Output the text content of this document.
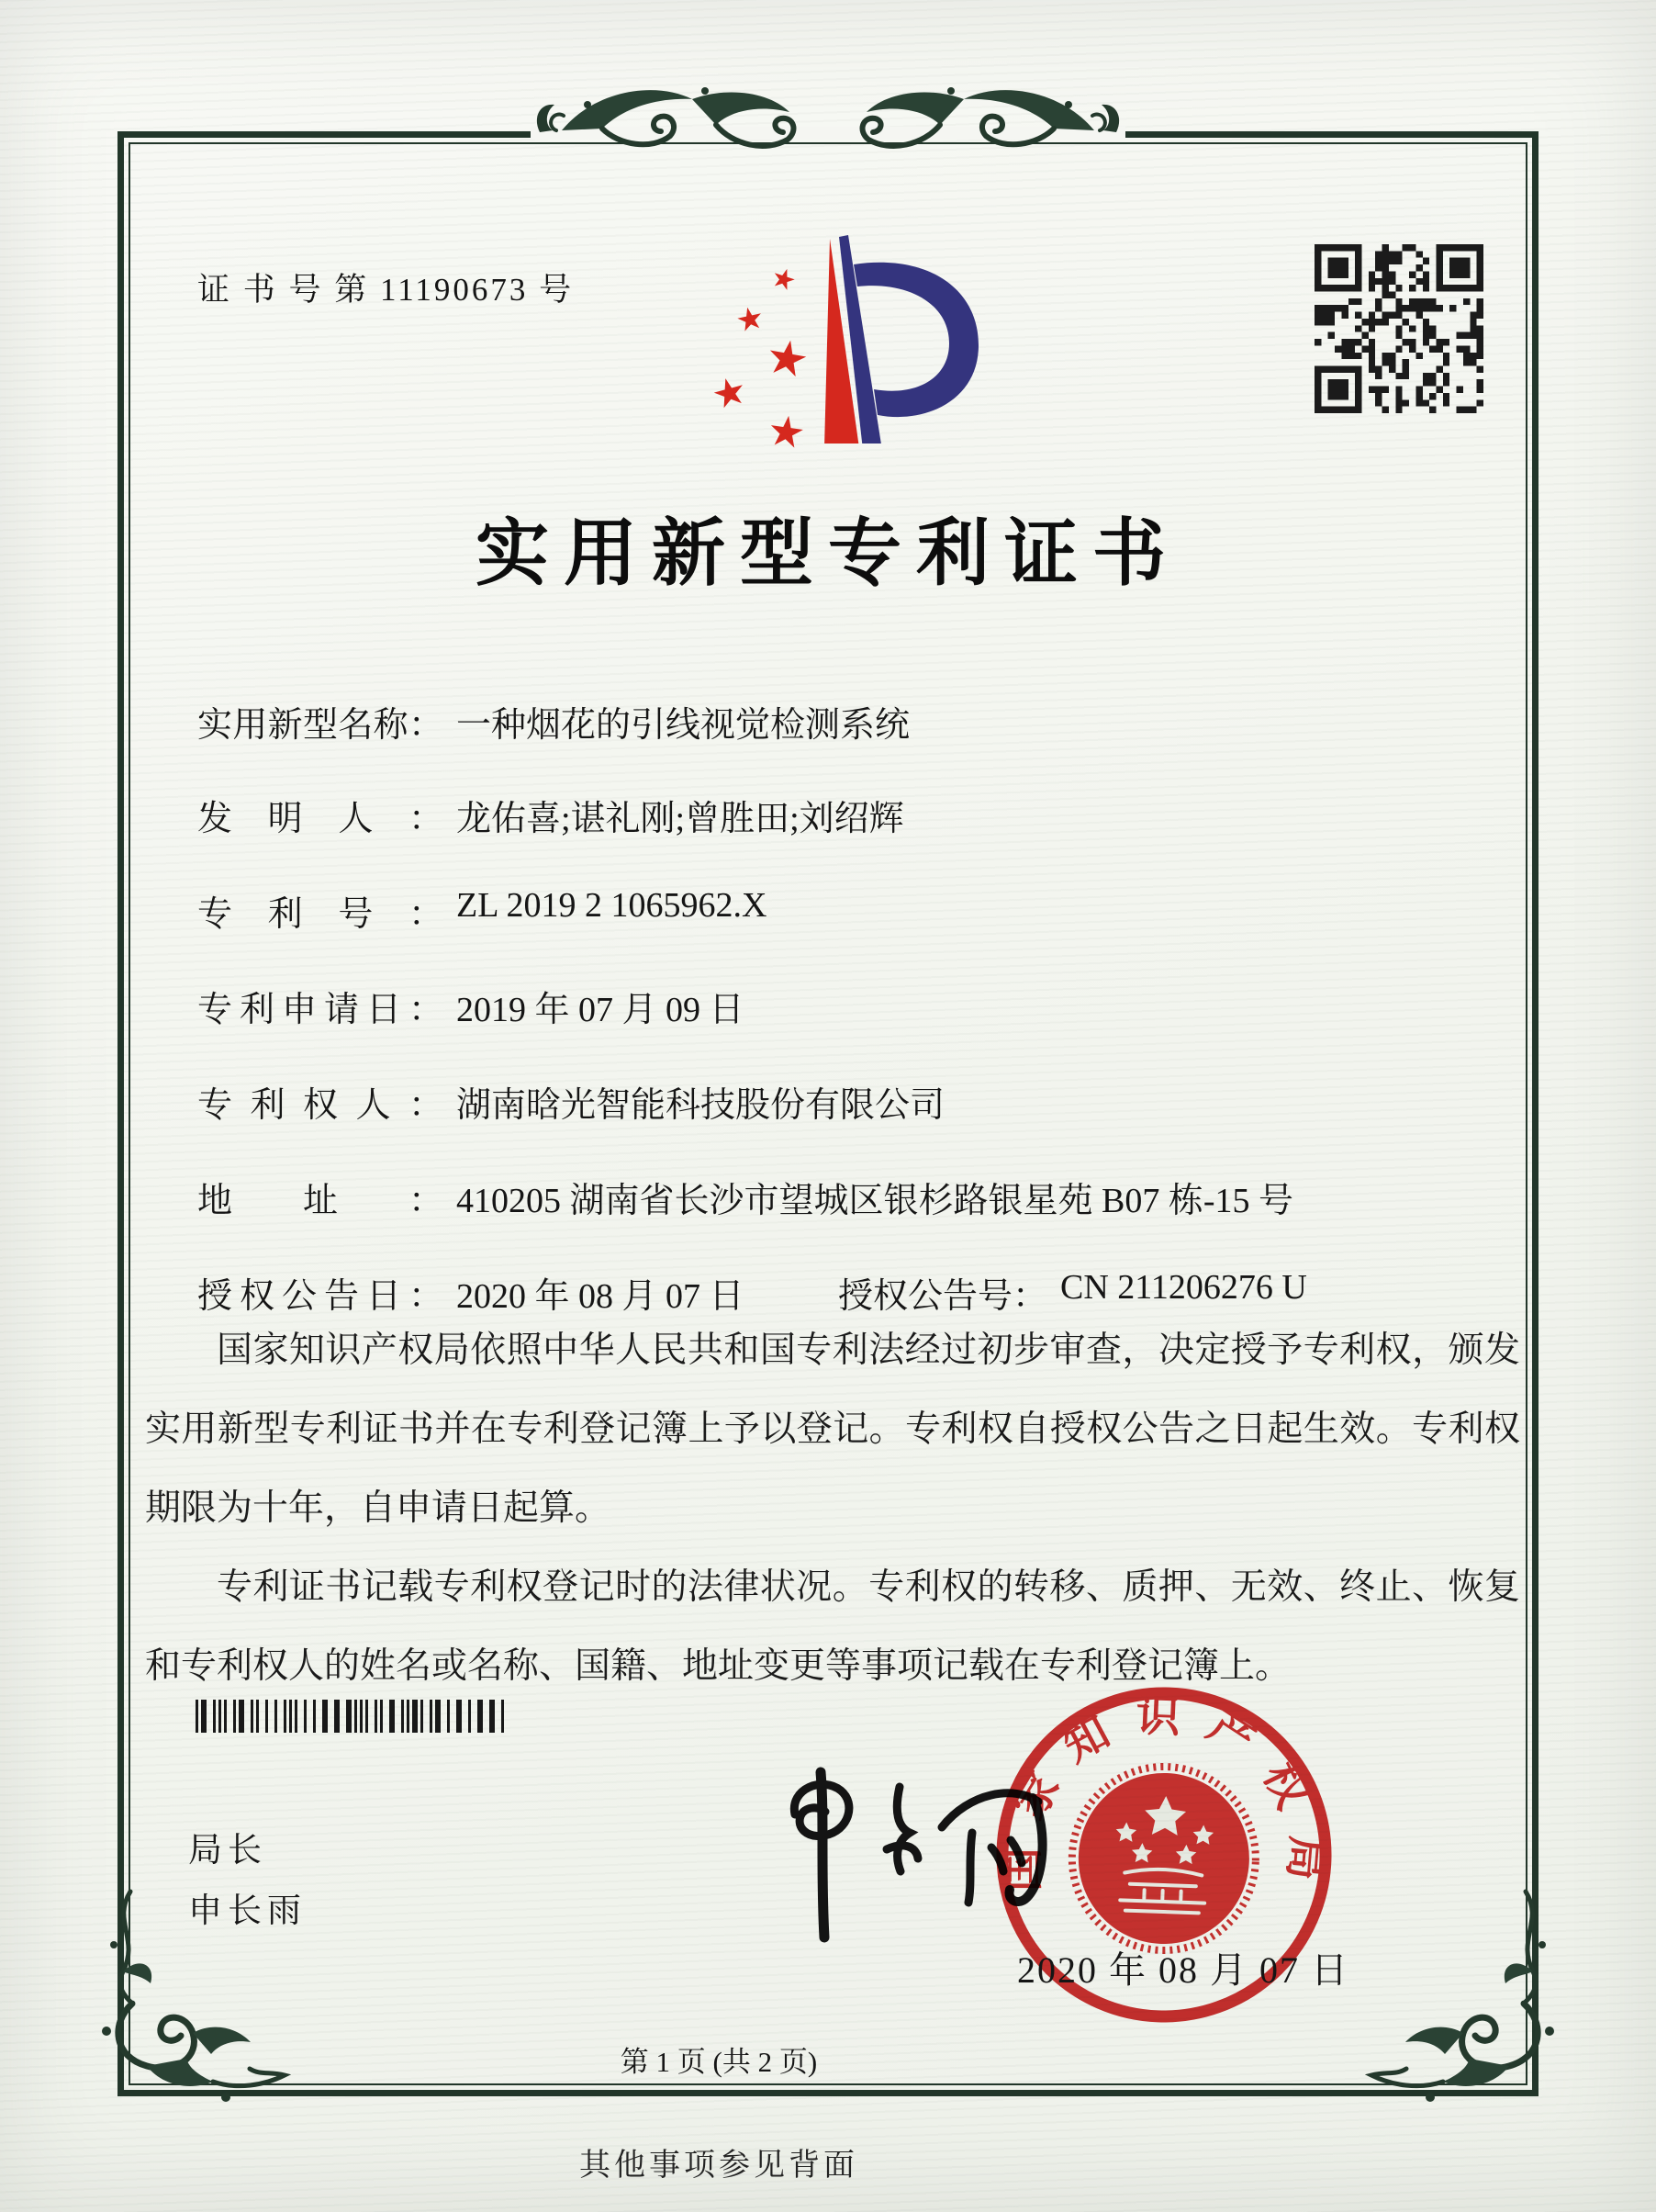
证 书 号 第 11190673 号	★
★
★
★
★
实用新型专利证书
实用新型名称： 一种烟花的引线视觉检测系统
发明人： 龙佑喜;谌礼刚;曾胜田;刘绍辉
专利号： ZL 2019 2 1065962.X
专利申请日： 2019 年 07 月 09 日
专利权人： 湖南晗光智能科技股份有限公司
地址： 410205 湖南省长沙市望城区银杉路银星苑 B07 栋-15 号
授权公告日： 2020 年 08 月 07 日	授权公告号： CN 211206276 U

国家知识产权局依照中华人民共和国专利法经过初步审查，决定授予专利权，颁发实用新型专利证书并在专利登记簿上予以登记。专利权自授权公告之日起生效。专利权期限为十年，自申请日起算。

专利证书记载专利权登记时的法律状况。专利权的转移、质押、无效、终止、恢复和专利权人的姓名或名称、国籍、地址变更等事项记载在专利登记簿上。

局长
申长雨
国家知识产权局
2020 年 08 月 07 日
第 1 页 (共 2 页)
其他事项参见背面
